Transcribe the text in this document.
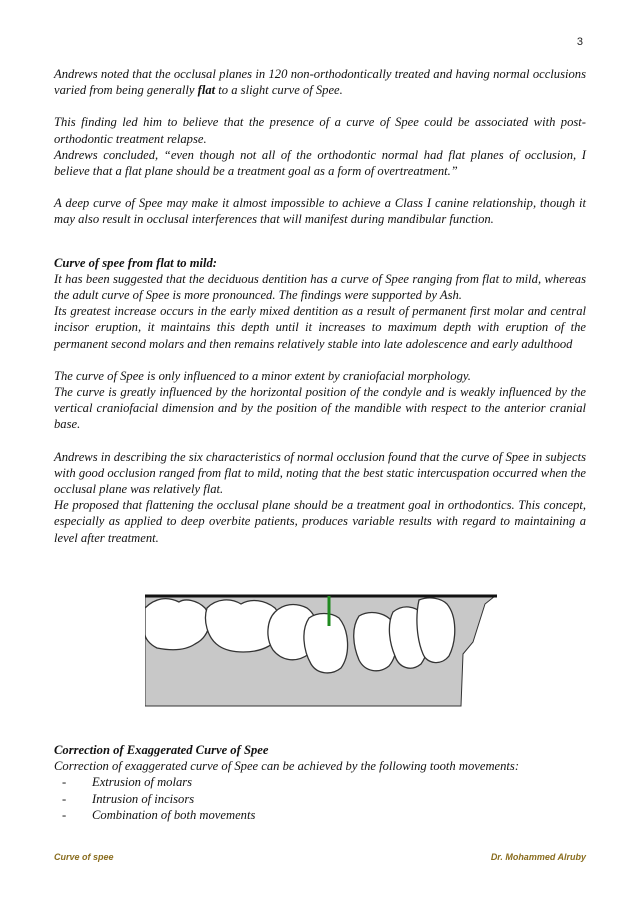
3

Andrews noted that the occlusal planes in 120 non-orthodontically treated and having normal occlusions varied from being generally flat to a slight curve of Spee.

This finding led him to believe that the presence of a curve of Spee could be associated with post-orthodontic treatment relapse.

Andrews concluded, “even though not all of the orthodontic normal had flat planes of occlusion, I believe that a flat plane should be a treatment goal as a form of overtreatment.”

A deep curve of Spee may make it almost impossible to achieve a Class I canine relationship, though it may also result in occlusal interferences that will manifest during mandibular function.

Curve of spee from flat to mild:

It has been suggested that the deciduous dentition has a curve of Spee ranging from flat to mild, whereas the adult curve of Spee is more pronounced. The findings were supported by Ash.

Its greatest increase occurs in the early mixed dentition as a result of permanent first molar and central incisor eruption, it maintains this depth until it increases to maximum depth with eruption of the permanent second molars and then remains relatively stable into late adolescence and early adulthood

The curve of Spee is only influenced to a minor extent by craniofacial morphology.

The curve is greatly influenced by the horizontal position of the condyle and is weakly influenced by the vertical craniofacial dimension and by the position of the mandible with respect to the anterior cranial base.

Andrews in describing the six characteristics of normal occlusion found that the curve of Spee in subjects with good occlusion ranged from flat to mild, noting that the best static intercuspation occurred when the occlusal plane was relatively flat.

He proposed that flattening the occlusal plane should be a treatment goal in orthodontics. This concept, especially as applied to deep overbite patients, produces variable results with regard to maintaining a level after treatment.

Correction of Exaggerated Curve of Spee

Correction of exaggerated curve of Spee can be achieved by the following tooth movements:

- Extrusion of molars
- Intrusion of incisors
- Combination of both movements
Curve of spee	Dr. Mohammed Alruby
